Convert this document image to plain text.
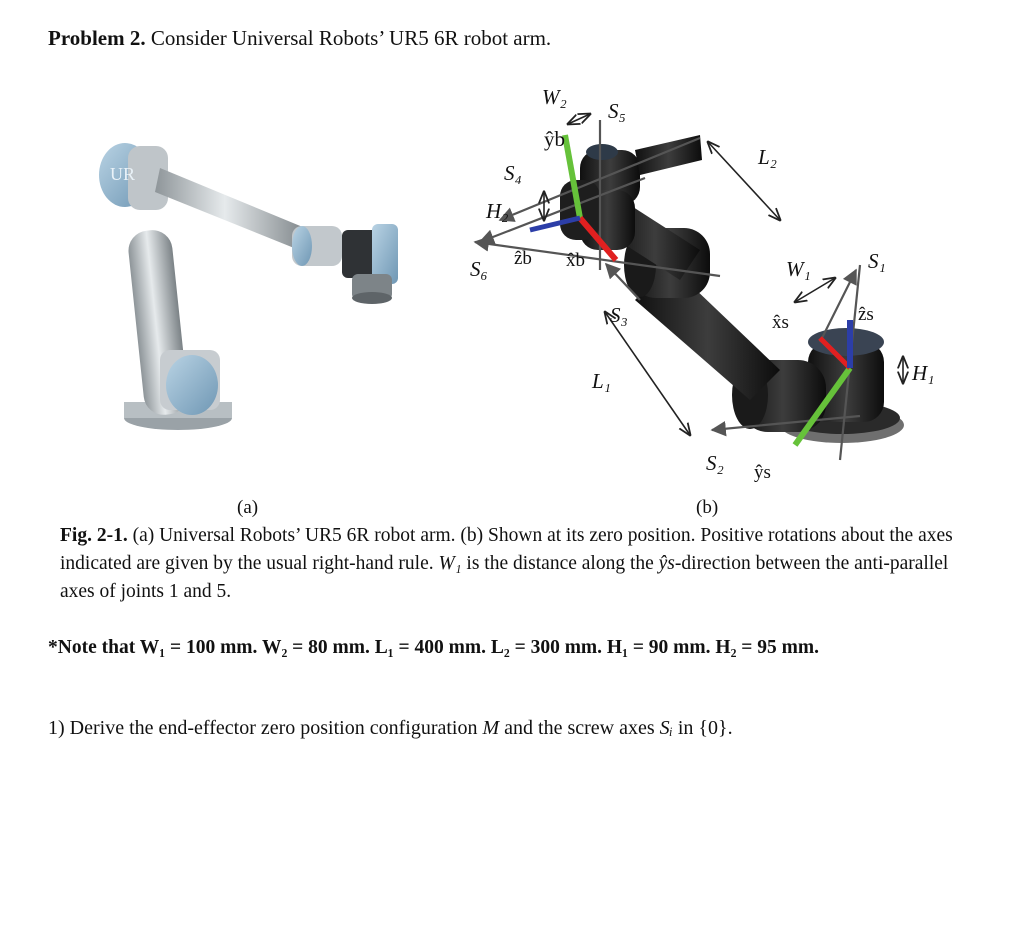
Problem 2. Consider Universal Robots’ UR5 6R robot arm.
UR
W₂
S₅
ŷb
S₄
H₂
ẑb x̂b
S₆
L₂
W₁	S₁
x̂s	ẑs
H₁
S₃
L₁
S₂ ŷs
(a)	(b)
Fig. 2-1. (a) Universal Robots’ UR5 6R robot arm. (b) Shown at its zero position. Positive rotations about the axes indicated are given by the usual right-hand rule. W₁ is the distance along the ŷs-direction between the anti-parallel axes of joints 1 and 5.
*Note that W₁ = 100 mm. W₂ = 80 mm. L₁ = 400 mm. L₂ = 300 mm. H₁ = 90 mm. H₂ = 95 mm.
1) Derive the end-effector zero position configuration M and the screw axes Sᵢ in {0}.
